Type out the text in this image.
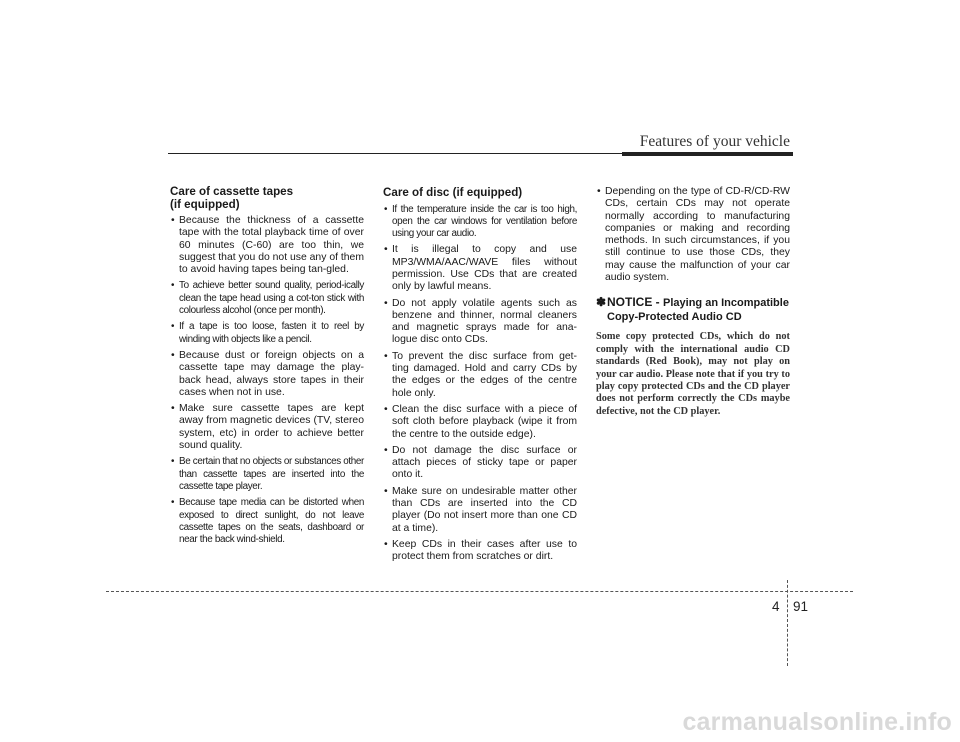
Features of your vehicle
Care of cassette tapes
(if equipped)
• Because the thickness of a cassette tape with the total playback time of over 60 minutes (C-60) are too thin, we suggest that you do not use any of them to avoid having tapes being tan-gled.
• To achieve better sound quality, period-ically clean the tape head using a cot-ton stick with colourless alcohol (once per month).
• If a tape is too loose, fasten it to reel by winding with objects like a pencil.
• Because dust or foreign objects on a cassette tape may damage the play-back head, always store tapes in their cases when not in use.
• Make sure cassette tapes are kept away from magnetic devices (TV, stereo system, etc) in order to achieve better sound quality.
• Be certain that no objects or substances other than cassette tapes are inserted into the cassette tape player.
• Because tape media can be distorted when exposed to direct sunlight, do not leave cassette tapes on the seats, dashboard or near the back wind-shield.
Care of disc (if equipped)
• If the temperature inside the car is too high, open the car windows for ventilation before using your car audio.
• It is illegal to copy and use MP3/WMA/AAC/WAVE files without permission. Use CDs that are created only by lawful means.
• Do not apply volatile agents such as benzene and thinner, normal cleaners and magnetic sprays made for ana-logue disc onto CDs.
• To prevent the disc surface from get-ting damaged. Hold and carry CDs by the edges or the edges of the centre hole only.
• Clean the disc surface with a piece of soft cloth before playback (wipe it from the centre to the outside edge).
• Do not damage the disc surface or attach pieces of sticky tape or paper onto it.
• Make sure on undesirable matter other than CDs are inserted into the CD player (Do not insert more than one CD at a time).
• Keep CDs in their cases after use to protect them from scratches or dirt.
• Depending on the type of CD-R/CD-RW CDs, certain CDs may not operate normally according to manufacturing companies or making and recording methods. In such circumstances, if you still continue to use those CDs, they may cause the malfunction of your car audio system.
✽ NOTICE - Playing an Incompatible Copy-Protected Audio CD
Some copy protected CDs, which do not comply with the international audio CD standards (Red Book), may not play on your car audio. Please note that if you try to play copy protected CDs and the CD player does not perform correctly the CDs maybe defective, not the CD player.
4 91
carmanualsonline.info
